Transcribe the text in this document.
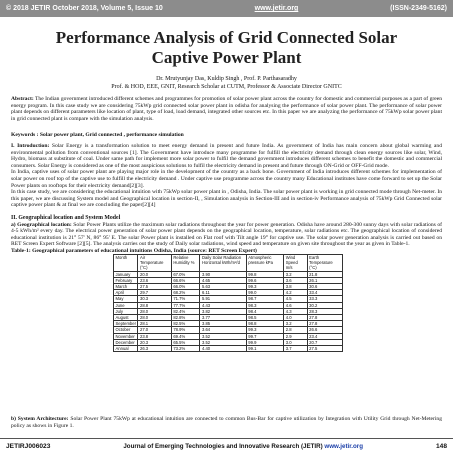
© 2018 JETIR October 2018, Volume 5, Issue 10	www.jetir.org	(ISSN-2349-5162)
Performance Analysis of Grid Connected Solar
Captive Power Plant
Dr. Mrutyunjay Das, Kuldip Singh , Prof. P. Parthasaradhy
Prof. & HOD, EEE, GNIT, Research Scholar at CUTM, Professor & Associate Director GNITC
Abstract: The Indian government introduced different schemes and programmes for promotion of solar power plant across the country for domestic and commercial purposes as a part of green energy program. In this case study we are considering 75kWp grid connected solar power plant in odisha for analysing the performance of solar power plant. The performance of solar power plant depends on different parameters like location of plant, type of load, load demand, integrated other sources etc. In this paper we are analyzing the performance of 75kWp solar power plant in grid connected plant is compare with the simulation analysis.
Keywords : Solar power plant, Grid connected , performance simulation
I. Introduction: Solar Energy is a transformation solution to meet energy demand in present and future India. As government of India has main concern about global warming and environmental pollution from conventional sources [1]. The Government have introduce many programme for fulfill the electricity demand through clean energy sources like solar, Wind, Hydro, biomass at substitute of coal. Under same path for implement more solar power to fulfil the demand government introduces different schemes to benefit the domestic and commercial consumers. Solar Energy is considered as one of the most auspicious solutions to fulfil the electricity demand in present and future through ON-Grid or OFF-Grid mode.
In India, captive uses of solar power plant are playing major role in the development of the country as a back bone. Government of India introduces different schemes for implementation of solar power on roof top of the captive use to fulfill the electricity demand . Under captive use programme across the country many Educational institutes have come forward to set up the Solar Power plants on rooftops for their electricity demand[2][3].
In this case study, we are considering the educational intuition with 75kWp solar power plant in , Odisha, India. The solar power plant is working in grid connected mode through Net-meter. In this paper, we are discussing System model and Geographical location in section-II, , Simulation analysis in Section-III and in section-iv Performance analysis of 75kWp Grid Connected solar captive power plant & at final we are concluding the paper[2][4]
II. Geographical location and System Model
a) Geographical location: Solar Power Plants utilize the maximum solar radiations throughout the year for power generation. Odisha have around 280-300 sunny days with solar radiations of 4-5 kWh/m² every day. The electrical power generation of solar power plant depends on the geographical location, temperature, solar radiations etc. The geographical location of considered educational institution is 21° 57' N, 86° 95' E. The solar Power plant is installed on Flat roof with Tilt angle 19° for captive use. The solar power generation analysis is carried out based on RET Screen Expert Software [2][5]. The analysis carries out the study of Daily solar radiations, wind speed and temperature on given site throughout the year as given in Table-1.
Table-1: Geographical parameters of educational intuitions Odisha, India (source: RET Screen Expert)
Month	Air Temperature (°C)	Relative Humidity %	Daily Solar Radiation Horizontal kWh/m²/d	Atmospheric pressure kPa	Wind Speed m/s	Earth Temperature (°C)
January	20.0	67.0%	3.90	99.8	3.2	21.8
February	23.6	66.6%	4.65	99.6	3.6	26.1
March	27.5	66.0%	5.63	99.3	3.8	30.6
April	29.7	68.2%	6.11	99.0	4.2	33.4
May	30.3	71.7%	5.91	98.7	4.5	33.3
June	28.8	77.7%	4.43	98.3	4.6	30.2
July	28.0	82.4%	3.82	98.4	4.3	28.3
August	28.0	82.8%	3.77	98.5	4.0	27.8
September	28.1	82.5%	3.85	98.8	3.2	27.8
October	27.0	78.9%	3.64	99.3	2.8	26.6
November	23.8	69.4%	3.52	99.7	2.9	23.4
December	20.3	65.5%	3.52	99.9	3.0	20.7
Annual	26.3	73.2%	4.40	99.1	3.7	27.5
b) System Architecture: Solar Power Plant 75kWp at educational intuition are connected to common Bus-Bar for captive utilization by Integration with Utility Grid through Net-Metering policy as shows in Figure 1.
JETIRJ006023	Journal of Emerging Technologies and Innovative Research (JETIR) www.jetir.org	148
